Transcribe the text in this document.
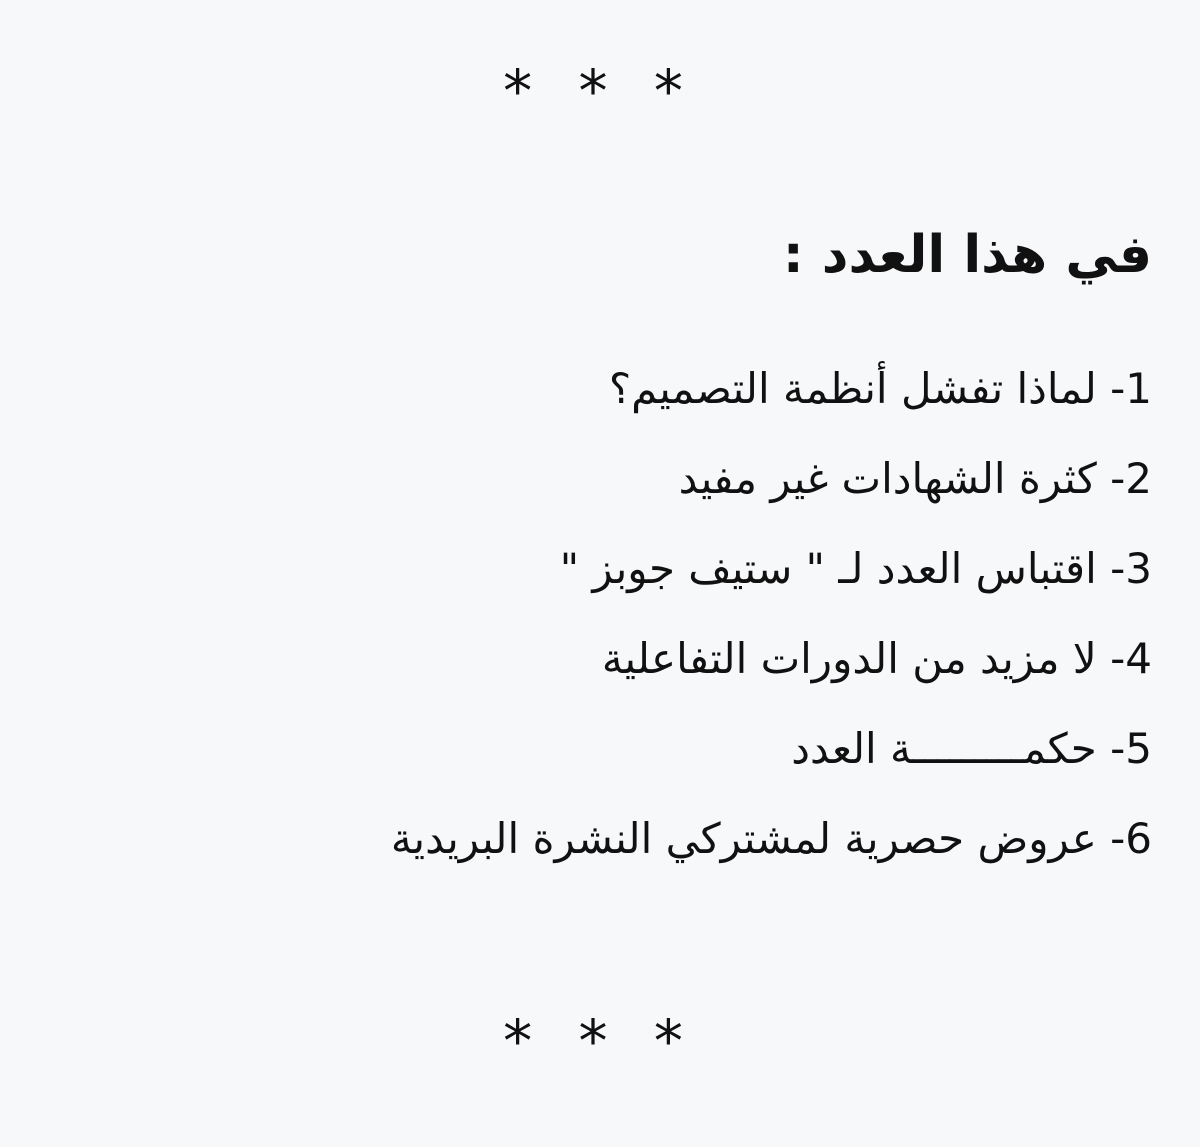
* * *
في هذا العدد :
1- لماذا تفشل أنظمة التصميم؟
2- كثرة الشهادات غير مفيد
3- اقتباس العدد لـ " ستيف جوبز "
4- لا مزيد من الدورات التفاعلية
5- حكمـــــــــة العدد
6- عروض حصرية لمشتركي النشرة البريدية
* * *
